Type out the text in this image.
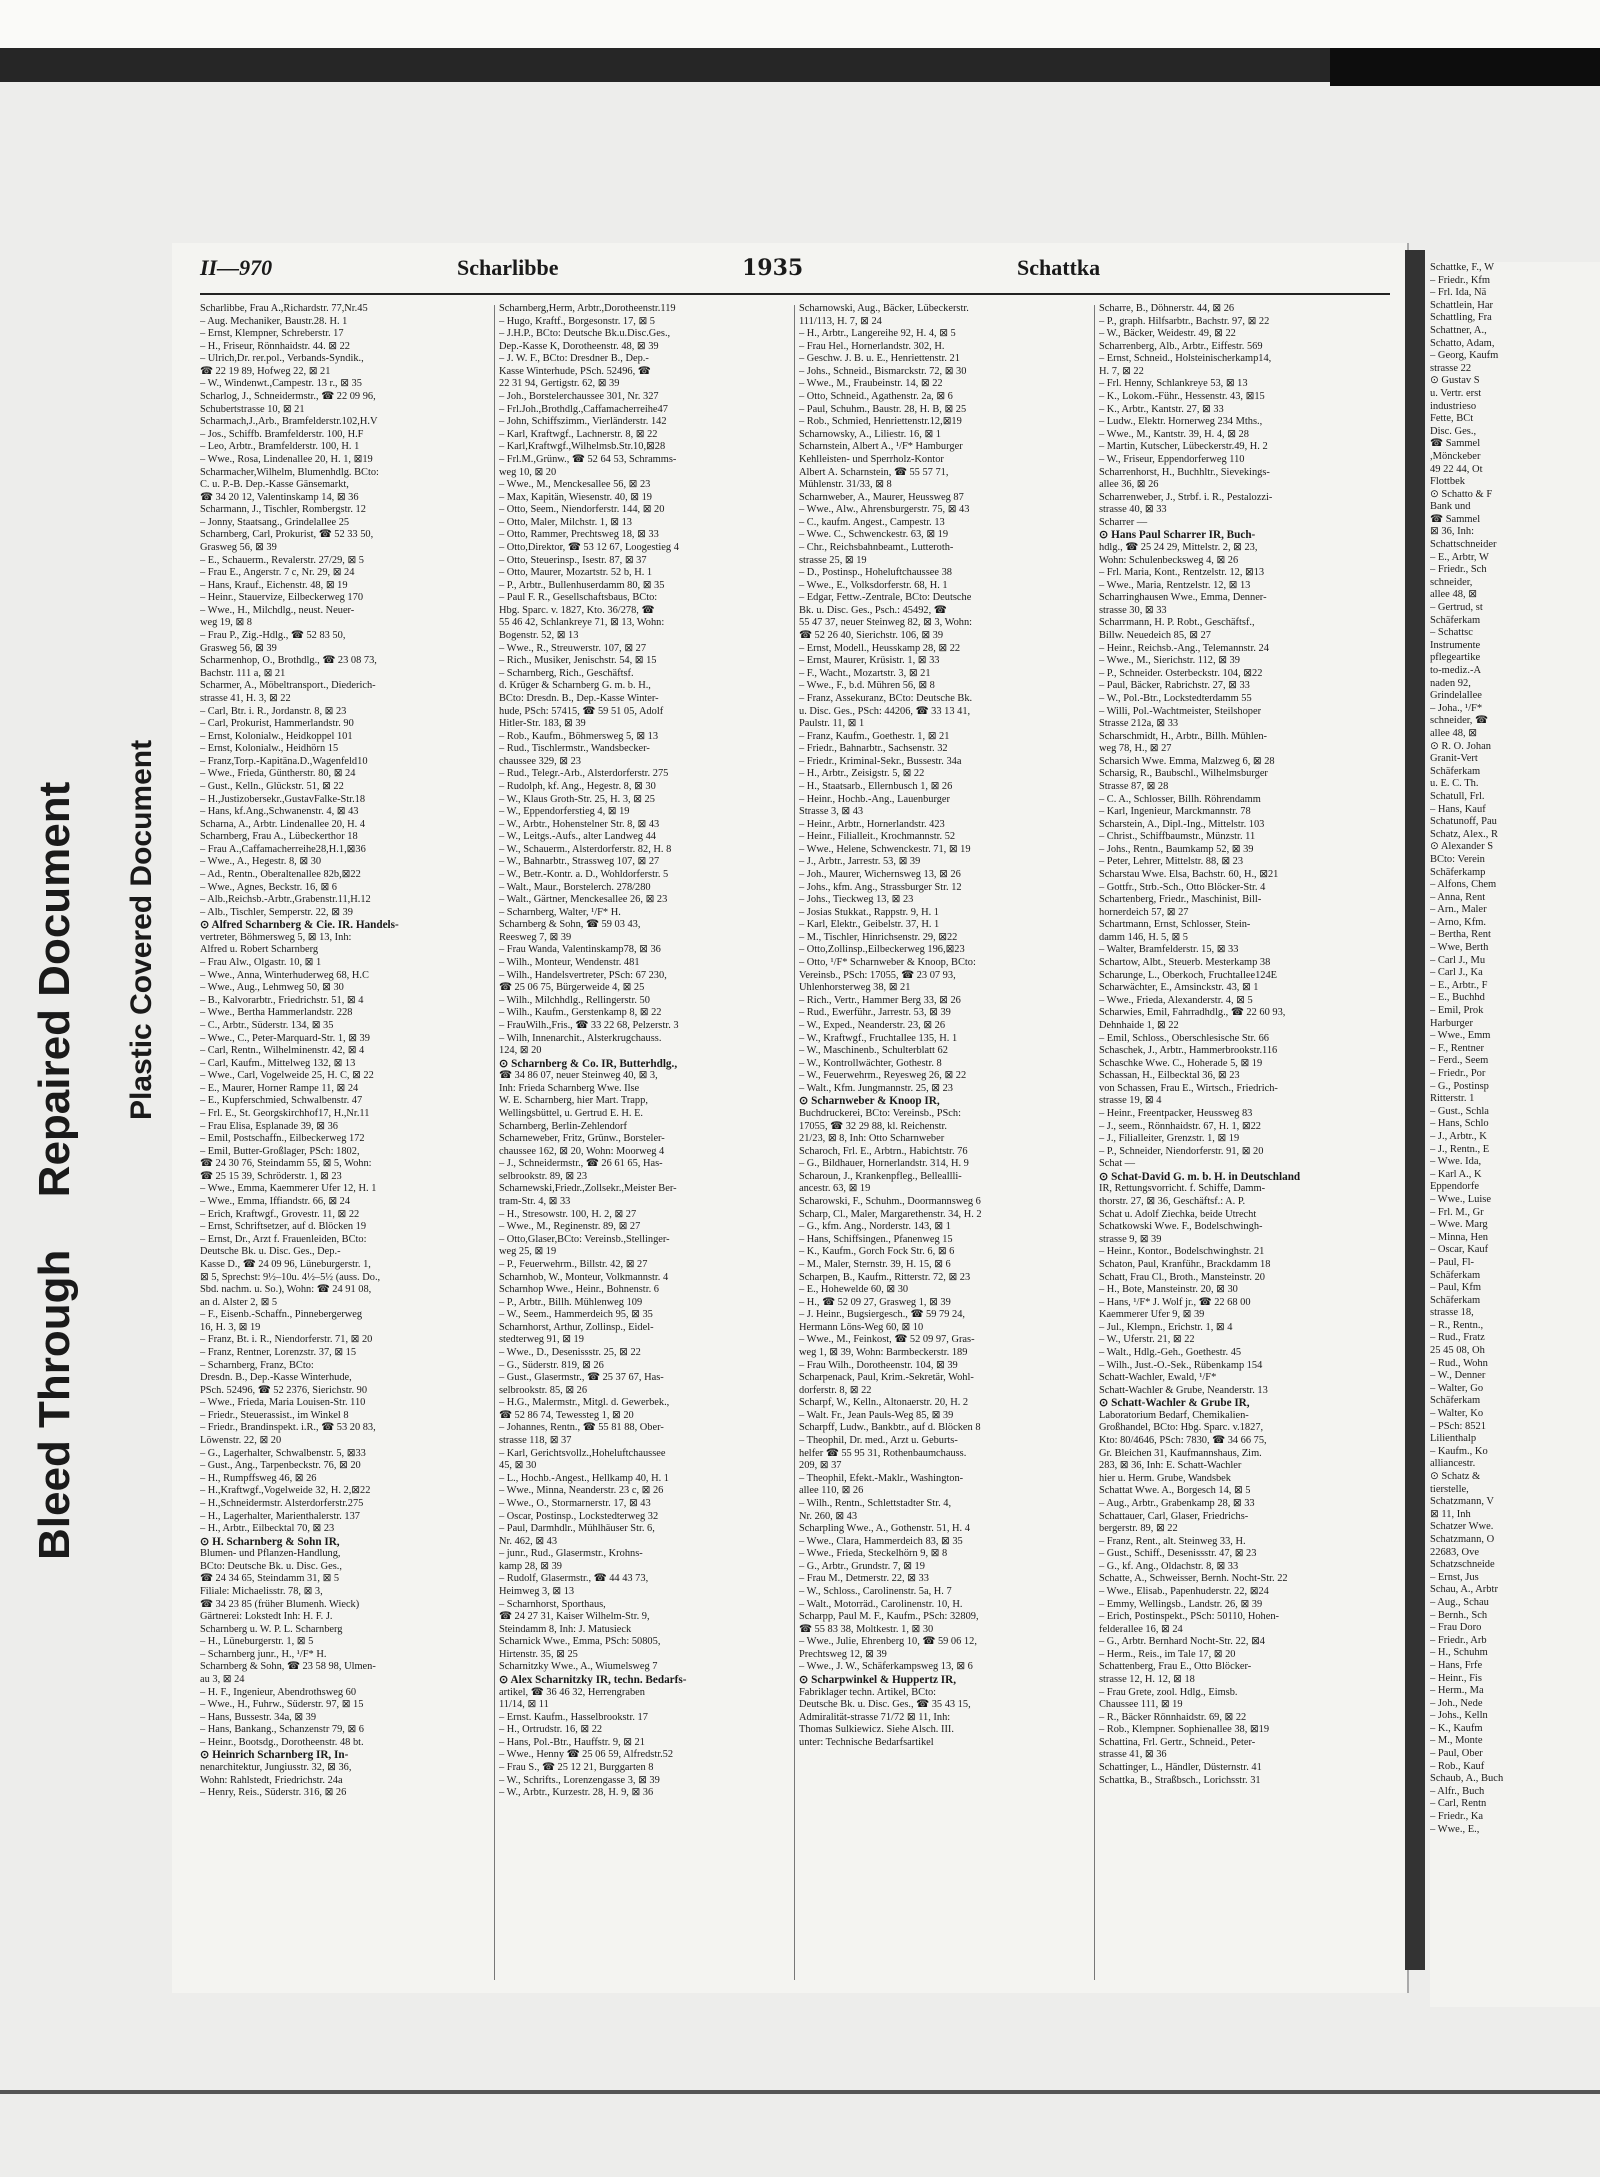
Bleed Through Repaired Document Plastic Covered Document
II—970	Scharlibbe	1935	Schattka
Scharlibbe, Frau A.,Richardstr. 77,Nr.45
– Aug. Mechaniker, Baustr.28. H. 1
– Ernst, Klempner, Schreberstr. 17
– H., Friseur, Rönnhaidstr. 44. ⊠ 22
– Ulrich,Dr. rer.pol., Verbands-Syndik.,
☎ 22 19 89, Hofweg 22, ⊠ 21
– W., Windenwt.,Campestr. 13 r., ⊠ 35
Scharlog, J., Schneidermstr., ☎ 22 09 96,
Schubertstrasse 10, ⊠ 21
Scharmach,J.,Arb., Bramfelderstr.102,H.V
– Jos., Schiffb. Bramfelderstr. 100, H.F
– Leo, Arbtr., Bramfelderstr. 100, H. 1
– Wwe., Rosa, Lindenallee 20, H. 1, ⊠19
Scharmacher,Wilhelm, Blumenhdlg. BCto:
C. u. P.-B. Dep.-Kasse Gänsemarkt,
☎ 34 20 12, Valentinskamp 14, ⊠ 36
Scharmann, J., Tischler, Rombergstr. 12
– Jonny, Staatsang., Grindelallee 25
Scharnberg, Carl, Prokurist, ☎ 52 33 50,
Grasweg 56, ⊠ 39
– E., Schauerm., Revalerstr. 27/29, ⊠ 5
– Frau E., Angerstr. 7 c, Nr. 29, ⊠ 24
– Hans, Krauf., Eichenstr. 48, ⊠ 19
– Heinr., Stauervize, Eilbeckerweg 170
– Wwe., H., Milchdlg., neust. Neuer-
weg 19, ⊠ 8
– Frau P., Zig.-Hdlg., ☎ 52 83 50,
Grasweg 56, ⊠ 39
Scharmenhop, O., Brothdlg., ☎ 23 08 73,
Bachstr. 111 a, ⊠ 21
Scharmer, A., Möbeltransport., Diederich-
strasse 41, H. 3, ⊠ 22
– Carl, Btr. i. R., Jordanstr. 8, ⊠ 23
– Carl, Prokurist, Hammerlandstr. 90
– Ernst, Kolonialw., Heidkoppel 101
– Ernst, Kolonialw., Heidhörn 15
– Franz,Torp.-Kapitäna.D.,Wagenfeld10
– Wwe., Frieda, Güntherstr. 80, ⊠ 24
– Gust., Kelln., Glückstr. 51, ⊠ 22
– H.,Justizobersekr.,GustavFalke-Str.18
– Hans, kf.Ang.,Schwanenstr. 4, ⊠ 43
Scharna, A., Arbtr. Lindenallee 20, H. 4
Scharnberg, Frau A., Lübeckerthor 18
– Frau A.,Caffamacherreihe28,H.1,⊠36
– Wwe., A., Hegestr. 8, ⊠ 30
– Ad., Rentn., Oberaltenallee 82b,⊠22
– Wwe., Agnes, Beckstr. 16, ⊠ 6
– Alb.,Reichsb.-Arbtr.,Grabenstr.11,H.12
– Alb., Tischler, Semperstr. 22, ⊠ 39
⊙ Alfred Scharnberg & Cie. IR. Handels-
vertreter, Böhmersweg 5, ⊠ 13, Inh:
Alfred u. Robert Scharnberg
– Frau Alw., Olgastr. 10, ⊠ 1
– Wwe., Anna, Winterhuderweg 68, H.C
– Wwe., Aug., Lehmweg 50, ⊠ 30
– B., Kalvorarbtr., Friedrichstr. 51, ⊠ 4
– Wwe., Bertha Hammerlandstr. 228
– C., Arbtr., Süderstr. 134, ⊠ 35
– Wwe., C., Peter-Marquard-Str. 1, ⊠ 39
– Carl, Rentn., Wilhelminenstr. 42, ⊠ 4
– Carl, Kaufm., Mittelweg 132, ⊠ 13
– Wwe., Carl, Vogelweide 25, H. C, ⊠ 22
– E., Maurer, Horner Rampe 11, ⊠ 24
– E., Kupferschmied, Schwalbenstr. 47
– Frl. E., St. Georgskirchhof17, H.,Nr.11
– Frau Elisa, Esplanade 39, ⊠ 36
– Emil, Postschaffn., Eilbeckerweg 172
– Emil, Butter-Großlager, PSch: 1802,
☎ 24 30 76, Steindamm 55, ⊠ 5, Wohn:
☎ 25 15 39, Schröderstr. 1, ⊠ 23
– Wwe., Emma, Kaemmerer Ufer 12, H. 1
– Wwe., Emma, Iffiandstr. 66, ⊠ 24
– Erich, Kraftwgf., Grovestr. 11, ⊠ 22
– Ernst, Schriftsetzer, auf d. Blöcken 19
– Ernst, Dr., Arzt f. Frauenleiden, BCto:
Deutsche Bk. u. Disc. Ges., Dep.-
Kasse D., ☎ 24 09 96, Lüneburgerstr. 1,
⊠ 5, Sprechst: 9½–10u. 4½–5½ (auss. Do.,
Sbd. nachm. u. So.), Wohn: ☎ 24 91 08,
an d. Alster 2, ⊠ 5
– F., Eisenb.-Schaffn., Pinnebergerweg
16, H. 3, ⊠ 19
– Franz, Bt. i. R., Niendorferstr. 71, ⊠ 20
– Franz, Rentner, Lorenzstr. 37, ⊠ 15
– Scharnberg, Franz, BCto:
Dresdn. B., Dep.-Kasse Winterhude,
PSch. 52496, ☎ 52 2376, Sierichstr. 90
– Wwe., Frieda, Maria Louisen-Str. 110
– Friedr., Steuerassist., im Winkel 8
– Friedr., Brandinspekt. i.R., ☎ 53 20 83,
Löwenstr. 22, ⊠ 20
– G., Lagerhalter, Schwalbenstr. 5, ⊠33
– Gust., Ang., Tarpenbeckstr. 76, ⊠ 20
– H., Rumpffsweg 46, ⊠ 26
– H.,Kraftwgf.,Vogelweide 32, H. 2,⊠22
– H.,Schneidermstr. Alsterdorferstr.275
– H., Lagerhalter, Marienthalerstr. 137
– H., Arbtr., Eilbecktal 70, ⊠ 23
⊙ H. Scharnberg & Sohn IR,
Blumen- und Pflanzen-Handlung,
BCto: Deutsche Bk. u. Disc. Ges.,
☎ 24 34 65, Steindamm 31, ⊠ 5
Filiale: Michaelisstr. 78, ⊠ 3,
☎ 34 23 85 (früher Blumenh. Wieck)
Gärtnerei: Lokstedt Inh: H. F. J.
Scharnberg u. W. P. L. Scharnberg
– H., Lüneburgerstr. 1, ⊠ 5
– Scharnberg junr., H., ¹/F* H.
Scharnberg & Sohn, ☎ 23 58 98, Ulmen-
au 3, ⊠ 24
– H. F., Ingenieur, Abendrothsweg 60
– Wwe., H., Fuhrw., Süderstr. 97, ⊠ 15
– Hans, Bussestr. 34a, ⊠ 39
– Hans, Bankang., Schanzenstr 79, ⊠ 6
– Heinr., Bootsdg., Dorotheenstr. 48 bt.
⊙ Heinrich Scharnberg IR, In-
nenarchitektur, Jungiusstr. 32, ⊠ 36,
Wohn: Rahlstedt, Friedrichstr. 24a
– Henry, Reis., Süderstr. 316, ⊠ 26
Scharnberg,Herm, Arbtr.,Dorotheenstr.119
– Hugo, Kraftf., Borgesonstr. 17, ⊠ 5
– J.H.P., BCto: Deutsche Bk.u.Disc.Ges.,
Dep.-Kasse K, Dorotheenstr. 48, ⊠ 39
– J. W. F., BCto: Dresdner B., Dep.-
Kasse Winterhude, PSch. 52496, ☎
22 31 94, Gertigstr. 62, ⊠ 39
– Joh., Borstelerchaussee 301, Nr. 327
– Frl.Joh.,Brothdlg.,Caffamacherreihe47
– John, Schiffszimm., Vierländerstr. 142
– Karl, Kraftwgf., Lachnerstr. 8, ⊠ 22
– Karl,Kraftwgf.,Wilhelmsb.Str.10,⊠28
– Frl.M.,Grünw., ☎ 52 64 53, Schramms-
weg 10, ⊠ 20
– Wwe., M., Menckesallee 56, ⊠ 23
– Max, Kapitän, Wiesenstr. 40, ⊠ 19
– Otto, Seem., Niendorferstr. 144, ⊠ 20
– Otto, Maler, Milchstr. 1, ⊠ 13
– Otto, Rammer, Prechtsweg 18, ⊠ 33
– Otto,Direktor, ☎ 53 12 67, Loogestieg 4
– Otto, Steuerinsp., Isestr. 87, ⊠ 37
– Otto, Maurer, Mozartstr. 52 b, H. 1
– P., Arbtr., Bullenhuserdamm 80, ⊠ 35
– Paul F. R., Gesellschaftsbaus, BCto:
Hbg. Sparc. v. 1827, Kto. 36/278, ☎
55 46 42, Schlankreye 71, ⊠ 13, Wohn:
Bogenstr. 52, ⊠ 13
– Wwe., R., Streuwerstr. 107, ⊠ 27
– Rich., Musiker, Jenischstr. 54, ⊠ 15
– Scharnberg, Rich., Geschäftsf.
d. Krüger & Scharnberg G. m. b. H.,
BCto: Dresdn. B., Dep.-Kasse Winter-
hude, PSch: 57415, ☎ 59 51 05, Adolf
Hitler-Str. 183, ⊠ 39
– Rob., Kaufm., Böhmersweg 5, ⊠ 13
– Rud., Tischlermstr., Wandsbecker-
chaussee 329, ⊠ 23
– Rud., Telegr.-Arb., Alsterdorferstr. 275
– Rudolph, kf. Ang., Hegestr. 8, ⊠ 30
– W., Klaus Groth-Str. 25, H. 3, ⊠ 25
– W., Eppendorferstieg 4, ⊠ 19
– W., Arbtr., Hohenstelner Str. 8, ⊠ 43
– W., Leitgs.-Aufs., alter Landweg 44
– W., Schauerm., Alsterdorferstr. 82, H. 8
– W., Bahnarbtr., Strassweg 107, ⊠ 27
– W., Betr.-Kontr. a. D., Wohldorferstr. 5
– Walt., Maur., Borstelerch. 278/280
– Walt., Gärtner, Menckesallee 26, ⊠ 23
– Scharnberg, Walter, ¹/F* H.
Scharnberg & Sohn, ☎ 59 03 43,
Reesweg 7, ⊠ 39
– Frau Wanda, Valentinskamp78, ⊠ 36
– Wilh., Monteur, Wendenstr. 481
– Wilh., Handelsvertreter, PSch: 67 230,
☎ 25 06 75, Bürgerweide 4, ⊠ 25
– Wilh., Milchhdlg., Rellingerstr. 50
– Wilh., Kaufm., Gerstenkamp 8, ⊠ 22
– FrauWilh.,Fris., ☎ 33 22 68, Pelzerstr. 3
– Wilh, Innenarchit., Alsterkrugchauss.
124, ⊠ 20
⊙ Scharnberg & Co. IR, Butterhdlg.,
☎ 34 86 07, neuer Steinweg 40, ⊠ 3,
Inh: Frieda Scharnberg Wwe. Ilse
W. E. Scharnberg, hier Mart. Trapp,
Wellingsbüttel, u. Gertrud E. H. E.
Scharnberg, Berlin-Zehlendorf
Scharneweber, Fritz, Grünw., Borsteler-
chaussee 162, ⊠ 20, Wohn: Moorweg 4
– J., Schneidermstr., ☎ 26 61 65, Has-
selbrookstr. 89, ⊠ 23
Scharnewski,Friedr.,Zollsekr.,Meister Ber-
tram-Str. 4, ⊠ 33
– H., Stresowstr. 100, H. 2, ⊠ 27
– Wwe., M., Reginenstr. 89, ⊠ 27
– Otto,Glaser,BCto: Vereinsb.,Stellinger-
weg 25, ⊠ 19
– P., Feuerwehrm., Billstr. 42, ⊠ 27
Scharnhob, W., Monteur, Volkmannstr. 4
Scharnhop Wwe., Heinr., Bohnenstr. 6
– P., Arbtr., Billh. Mühlenweg 109
– W., Seem., Hammerdeich 95, ⊠ 35
Scharnhorst, Arthur, Zollinsp., Eidel-
stedterweg 91, ⊠ 19
– Wwe., D., Desenissstr. 25, ⊠ 22
– G., Süderstr. 819, ⊠ 26
– Gust., Glasermstr., ☎ 25 37 67, Has-
selbrookstr. 85, ⊠ 26
– H.G., Malermstr., Mitgl. d. Gewerbek.,
☎ 52 86 74, Tewessteg 1, ⊠ 20
– Johannes, Rentn., ☎ 55 81 88, Ober-
strasse 118, ⊠ 37
– Karl, Gerichtsvollz.,Hoheluftchaussee
45, ⊠ 30
– L., Hochb.-Angest., Hellkamp 40, H. 1
– Wwe., Minna, Neanderstr. 23 c, ⊠ 26
– Wwe., O., Stormarnerstr. 17, ⊠ 43
– Oscar, Postinsp., Lockstedterweg 32
– Paul, Darmhdlr., Mühlhäuser Str. 6,
Nr. 462, ⊠ 43
– junr., Rud., Glasermstr., Krohns-
kamp 28, ⊠ 39
– Rudolf, Glasermstr., ☎ 44 43 73,
Heimweg 3, ⊠ 13
– Scharnhorst, Sporthaus,
☎ 24 27 31, Kaiser Wilhelm-Str. 9,
Steindamm 8, Inh: J. Matusieck
Scharnick Wwe., Emma, PSch: 50805,
Hirtenstr. 35, ⊠ 25
Scharnitzky Wwe., A., Wiumelsweg 7
⊙ Alex Scharnitzky IR, techn. Bedarfs-
artikel, ☎ 36 46 32, Herrengraben
11/14, ⊠ 11
– Ernst. Kaufm., Hasselbrookstr. 17
– H., Ortrudstr. 16, ⊠ 22
– Hans, Pol.-Btr., Hauffstr. 9, ⊠ 21
– Wwe., Henny ☎ 25 06 59, Alfredstr.52
– Frau S., ☎ 25 12 21, Burggarten 8
– W., Schrifts., Lorenzengasse 3, ⊠ 39
– W., Arbtr., Kurzestr. 28, H. 9, ⊠ 36
Scharnowski, Aug., Bäcker, Lübeckerstr.
111/113, H. 7, ⊠ 24
– H., Arbtr., Langereihe 92, H. 4, ⊠ 5
– Frau Hel., Hornerlandstr. 302, H.
– Geschw. J. B. u. E., Henriettenstr. 21
– Johs., Schneid., Bismarckstr. 72, ⊠ 30
– Wwe., M., Fraubeinstr. 14, ⊠ 22
– Otto, Schneid., Agathenstr. 2a, ⊠ 6
– Paul, Schuhm., Baustr. 28, H. B, ⊠ 25
– Rob., Schmied, Henriettenstr.12,⊠19
Scharnowsky, A., Liliestr. 16, ⊠ 1
Scharnstein, Albert A., ¹/F* Hamburger
Kehlleisten- und Sperrholz-Kontor
Albert A. Scharnstein, ☎ 55 57 71,
Mühlenstr. 31/33, ⊠ 8
Scharnweber, A., Maurer, Heussweg 87
– Wwe., Alw., Ahrensburgerstr. 75, ⊠ 43
– C., kaufm. Angest., Campestr. 13
– Wwe. C., Schwenckestr. 63, ⊠ 19
– Chr., Reichsbahnbeamt., Lutteroth-
strasse 25, ⊠ 19
– D., Postinsp., Hoheluftchaussee 38
– Wwe., E., Volksdorferstr. 68, H. 1
– Edgar, Fettw.-Zentrale, BCto: Deutsche
Bk. u. Disc. Ges., Psch.: 45492, ☎
55 47 37, neuer Steinweg 82, ⊠ 3, Wohn:
☎ 52 26 40, Sierichstr. 106, ⊠ 39
– Ernst, Modell., Heusskamp 28, ⊠ 22
– Ernst, Maurer, Krüsistr. 1, ⊠ 33
– F., Wacht., Mozartstr. 3, ⊠ 21
– Wwe., F., b.d. Mühren 56, ⊠ 8
– Franz, Assekuranz, BCto: Deutsche Bk.
u. Disc. Ges., PSch: 44206, ☎ 33 13 41,
Paulstr. 11, ⊠ 1
– Franz, Kaufm., Goethestr. 1, ⊠ 21
– Friedr., Bahnarbtr., Sachsenstr. 32
– Friedr., Kriminal-Sekr., Bussestr. 34a
– H., Arbtr., Zeisigstr. 5, ⊠ 22
– H., Staatsarb., Ellernbusch 1, ⊠ 26
– Heinr., Hochb.-Ang., Lauenburger
Strasse 3, ⊠ 43
– Heinr., Arbtr., Hornerlandstr. 423
– Heinr., Filialleit., Krochmannstr. 52
– Wwe., Helene, Schwenckestr. 71, ⊠ 19
– J., Arbtr., Jarrestr. 53, ⊠ 39
– Joh., Maurer, Wichernsweg 13, ⊠ 26
– Johs., kfm. Ang., Strassburger Str. 12
– Johs., Tieckweg 13, ⊠ 23
– Josias Stukkat., Rappstr. 9, H. 1
– Karl, Elektr., Geibelstr. 37, H. 1
– M., Tischler, Hinrichsenstr. 29, ⊠22
– Otto,Zollinsp.,Eilbeckerweg 196,⊠23
– Otto, ¹/F* Scharnweber & Knoop, BCto:
Vereinsb., PSch: 17055, ☎ 23 07 93,
Uhlenhorsterweg 38, ⊠ 21
– Rich., Vertr., Hammer Berg 33, ⊠ 26
– Rud., Ewerführ., Jarrestr. 53, ⊠ 39
– W., Exped., Neanderstr. 23, ⊠ 26
– W., Kraftwgf., Fruchtallee 135, H. 1
– W., Maschinenb., Schulterblatt 62
– W., Kontrollwächter, Gothestr. 8
– W., Feuerwehrm., Reyesweg 26, ⊠ 22
– Walt., Kfm. Jungmannstr. 25, ⊠ 23
⊙ Scharnweber & Knoop IR,
Buchdruckerei, BCto: Vereinsb., PSch:
17055, ☎ 32 29 88, kl. Reichenstr.
21/23, ⊠ 8, Inh: Otto Scharnweber
Scharoch, Frl. E., Arbtrn., Habichtstr. 76
– G., Bildhauer, Hornerlandstr. 314, H. 9
Scharoun, J., Krankenpfleg., Belleallli-
ancestr. 63, ⊠ 19
Scharowski, F., Schuhm., Doormannsweg 6
Scharp, Cl., Maler, Margarethenstr. 34, H. 2
– G., kfm. Ang., Norderstr. 143, ⊠ 1
– Hans, Schiffsingen., Pfanenweg 15
– K., Kaufm., Gorch Fock Str. 6, ⊠ 6
– M., Maler, Sternstr. 39, H. 15, ⊠ 6
Scharpen, B., Kaufm., Ritterstr. 72, ⊠ 23
– E., Hohewelde 60, ⊠ 30
– H., ☎ 52 09 27, Grasweg 1, ⊠ 39
– J. Heinr., Bugsiergesch., ☎ 59 79 24,
Hermann Löns-Weg 60, ⊠ 10
– Wwe., M., Feinkost, ☎ 52 09 97, Gras-
weg 1, ⊠ 39, Wohn: Barmbeckerstr. 189
– Frau Wilh., Dorotheenstr. 104, ⊠ 39
Scharpenack, Paul, Krim.-Sekretär, Wohl-
dorferstr. 8, ⊠ 22
Scharpf, W., Kelln., Altonaerstr. 20, H. 2
– Walt. Fr., Jean Pauls-Weg 85, ⊠ 39
Scharpff, Ludw., Bankbtr., auf d. Blöcken 8
– Theophil, Dr. med., Arzt u. Geburts-
helfer ☎ 55 95 31, Rothenbaumchauss.
209, ⊠ 37
– Theophil, Efekt.-Maklr., Washington-
allee 110, ⊠ 26
– Wilh., Rentn., Schlettstadter Str. 4,
Nr. 260, ⊠ 43
Scharpling Wwe., A., Gothenstr. 51, H. 4
– Wwe., Clara, Hammerdeich 83, ⊠ 35
– Wwe., Frieda, Steckelhörn 9, ⊠ 8
– G., Arbtr., Grundstr. 7, ⊠ 19
– Frau M., Detmerstr. 22, ⊠ 33
– W., Schloss., Carolinenstr. 5a, H. 7
– Walt., Motorräd., Carolinenstr. 10, H.
Scharpp, Paul M. F., Kaufm., PSch: 32809,
☎ 55 83 38, Moltkestr. 1, ⊠ 30
– Wwe., Julie, Ehrenberg 10, ☎ 59 06 12,
Prechtsweg 12, ⊠ 39
– Wwe., J. W., Schäferkampsweg 13, ⊠ 6
⊙ Scharpwinkel & Huppertz IR,
Fabriklager techn. Artikel, BCto:
Deutsche Bk. u. Disc. Ges., ☎ 35 43 15,
Admiralität-strasse 71/72 ⊠ 11, Inh:
Thomas Sulkiewicz. Siehe Alsch. III.
unter: Technische Bedarfsartikel
Scharre, B., Döhnerstr. 44, ⊠ 26
– P., graph. Hilfsarbtr., Bachstr. 97, ⊠ 22
– W., Bäcker, Weidestr. 49, ⊠ 22
Scharrenberg, Alb., Arbtr., Eiffestr. 569
– Ernst, Schneid., Holsteinischerkamp14,
H. 7, ⊠ 22
– Frl. Henny, Schlankreye 53, ⊠ 13
– K., Lokom.-Führ., Hessenstr. 43, ⊠15
– K., Arbtr., Kantstr. 27, ⊠ 33
– Ludw., Elektr. Hornerweg 234 Mths.,
– Wwe., M., Kantstr. 39, H. 4, ⊠ 28
– Martin, Kutscher, Lübeckerstr.49, H. 2
– W., Friseur, Eppendorferweg 110
Scharrenhorst, H., Buchhltr., Sievekings-
allee 36, ⊠ 26
Scharrenweber, J., Strbf. i. R., Pestalozzi-
strasse 40, ⊠ 33
Scharrer —
⊙ Hans Paul Scharrer IR, Buch-
hdlg., ☎ 25 24 29, Mittelstr. 2, ⊠ 23,
Wohn: Schulenbecksweg 4, ⊠ 26
– Frl. Maria, Kont., Rentzelstr. 12, ⊠13
– Wwe., Maria, Rentzelstr. 12, ⊠ 13
Scharringhausen Wwe., Emma, Denner-
strasse 30, ⊠ 33
Scharrmann, H. P. Robt., Geschäftsf.,
Billw. Neuedeich 85, ⊠ 27
– Heinr., Reichsb.-Ang., Telemannstr. 24
– Wwe., M., Sierichstr. 112, ⊠ 39
– P., Schneider. Osterbeckstr. 104, ⊠22
– Paul, Bäcker, Rabrichstr. 27, ⊠ 33
– W., Pol.-Btr., Lockstedterdamm 55
– Willi, Pol.-Wachtmeister, Steilshoper
Strasse 212a, ⊠ 33
Scharschmidt, H., Arbtr., Billh. Mühlen-
weg 78, H., ⊠ 27
Scharsich Wwe. Emma, Malzweg 6, ⊠ 28
Scharsig, R., Baubschl., Wilhelmsburger
Strasse 87, ⊠ 28
– C. A., Schlosser, Billh. Röhrendamm
– Karl, Ingenieur, Marckmannstr. 78
Scharstein, A., Dipl.-Ing., Mittelstr. 103
– Christ., Schiffbaumstr., Münzstr. 11
– Johs., Rentn., Baumkamp 52, ⊠ 39
– Peter, Lehrer, Mittelstr. 88, ⊠ 23
Scharstau Wwe. Elsa, Bachstr. 60, H., ⊠21
– Gottfr., Strb.-Sch., Otto Blöcker-Str. 4
Schartenberg, Friedr., Maschinist, Bill-
hornerdeich 57, ⊠ 27
Schartmann, Ernst, Schlosser, Stein-
damm 146, H. 5, ⊠ 5
– Walter, Bramfelderstr. 15, ⊠ 33
Schartow, Albt., Steuerb. Mesterkamp 38
Scharunge, L., Oberkoch, Fruchtallee124E
Scharwächter, E., Amsinckstr. 43, ⊠ 1
– Wwe., Frieda, Alexanderstr. 4, ⊠ 5
Scharwies, Emil, Fahrradhdlg., ☎ 22 60 93,
Dehnhaide 1, ⊠ 22
– Emil, Schloss., Oberschlesische Str. 66
Schaschek, J., Arbtr., Hammerbrookstr.116
Schaschke Wwe. C., Hoherade 5, ⊠ 19
Schassan, H., Eilbecktal 36, ⊠ 23
von Schassen, Frau E., Wirtsch., Friedrich-
strasse 19, ⊠ 4
– Heinr., Freentpacker, Heussweg 83
– J., seem., Rönnhaidstr. 67, H. 1, ⊠22
– J., Filialleiter, Grenzstr. 1, ⊠ 19
– P., Schneider, Niendorferstr. 91, ⊠ 20
Schat —
⊙ Schat-David G. m. b. H. in Deutschland
IR, Rettungsvorricht. f. Schiffe, Damm-
thorstr. 27, ⊠ 36, Geschäftsf.: A. P.
Schat u. Adolf Ziechka, beide Utrecht
Schatkowski Wwe. F., Bodelschwingh-
strasse 9, ⊠ 39
– Heinr., Kontor., Bodelschwinghstr. 21
Schaton, Paul, Kranführ., Brackdamm 18
Schatt, Frau Cl., Broth., Mansteinstr. 20
– H., Bote, Mansteinstr. 20, ⊠ 30
– Hans, ¹/F* J. Wolf jr., ☎ 22 68 00
Kaemmerer Ufer 9, ⊠ 39
– Jul., Klempn., Erichstr. 1, ⊠ 4
– W., Uferstr. 21, ⊠ 22
– Walt., Hdlg.-Geh., Goethestr. 45
– Wilh., Just.-O.-Sek., Rübenkamp 154
Schatt-Wachler, Ewald, ¹/F*
Schatt-Wachler & Grube, Neanderstr. 13
⊙ Schatt-Wachler & Grube IR,
Laboratorium Bedarf, Chemikalien-
Großhandel, BCto: Hbg. Sparc. v.1827,
Kto: 80/4646, PSch: 7830, ☎ 34 66 75,
Gr. Bleichen 31, Kaufmannshaus, Zim.
283, ⊠ 36, Inh: E. Schatt-Wachler
hier u. Herm. Grube, Wandsbek
Schattat Wwe. A., Borgesch 14, ⊠ 5
– Aug., Arbtr., Grabenkamp 28, ⊠ 33
Schattauer, Carl, Glaser, Friedrichs-
bergerstr. 89, ⊠ 22
– Franz, Rent., alt. Steinweg 33, H.
– Gust., Schiff., Desenissstr. 47, ⊠ 23
– G., kf. Ang., Oldachstr. 8, ⊠ 33
Schatte, A., Schweisser, Bernh. Nocht-Str. 22
– Wwe., Elisab., Papenhuderstr. 22, ⊠24
– Emmy, Wellingsb., Landstr. 26, ⊠ 39
– Erich, Postinspekt., PSch: 50110, Hohen-
felderallee 16, ⊠ 24
– G., Arbtr. Bernhard Nocht-Str. 22, ⊠4
– Herm., Reis., im Tale 17, ⊠ 20
Schattenberg, Frau E., Otto Blöcker-
strasse 12, H. 12, ⊠ 18
– Frau Grete, zool. Hdlg., Eimsb.
Chaussee 111, ⊠ 19
– R., Bäcker Rönnhaidstr. 69, ⊠ 22
– Rob., Klempner. Sophienallee 38, ⊠19
Schattina, Frl. Gertr., Schneid., Peter-
strasse 41, ⊠ 36
Schattinger, L., Händler, Düsternstr. 41
Schattka, B., Straßbsch., Lorichsstr. 31
Schattke, F., W
– Friedr., Kfm
– Frl. Ida, Nä
Schattlein, Har
Schattling, Fra
Schattner, A.,
Schatto, Adam,
– Georg, Kaufm
strasse 22
⊙ Gustav S
u. Vertr. erst
industrieso
Fette, BCt
Disc. Ges.,
☎ Sammel
,Mönckeber
49 22 44, Ot
Flottbek
⊙ Schatto & F
Bank und
☎ Sammel
⊠ 36, Inh:
Schattschneider
– E., Arbtr, W
– Friedr., Sch
schneider,
allee 48, ⊠
– Gertrud, st
Schäferkam
– Schattsc
Instrumente
pflegeartike
to-mediz.-A
naden 92,
Grindelallee
– Joha., ¹/F*
schneider, ☎
allee 48, ⊠
⊙ R. O. Johan
Granit-Vert
Schäferkam
u. E. C. Th.
Schatull, Frl.
– Hans, Kauf
Schatunoff, Pau
Schatz, Alex., R
⊙ Alexander S
BCto: Verein
Schäferkamp
– Alfons, Chem
– Anna, Rent
– Arn., Maler
– Arno, Kfm.
– Bertha, Rent
– Wwe, Berth
– Carl J., Mu
– Carl J., Ka
– E., Arbtr., F
– E., Buchhd
– Emil, Prok
Harburger
– Wwe., Emm
– F., Rentner
– Ferd., Seem
– Friedr., Por
– G., Postinsp
Ritterstr. 1
– Gust., Schla
– Hans, Schlo
– J., Arbtr., K
– J., Rentn., E
– Wwe. Ida,
– Karl A., K
Eppendorfe
– Wwe., Luise
– Frl. M., Gr
– Wwe. Marg
– Minna, Hen
– Oscar, Kauf
– Paul, Fl-
Schäferkam
– Paul, Kfm
Schäferkam
strasse 18,
– R., Rentn.,
– Rud., Fratz
25 45 08, Oh
– Rud., Wohn
– W., Denner
– Walter, Go
Schäferkam
– Walter, Ko
– PSch: 8521
Lilienthalp
– Kaufm., Ko
alliancestr.
⊙ Schatz &
tierstelle,
Schatzmann, V
⊠ 11, Inh
Schatzer Wwe.
Schatzmann, O
22683, Ove
Schatzschneide
– Ernst, Jus
Schau, A., Arbtr
– Aug., Schau
– Bernh., Sch
– Frau Doro
– Friedr., Arb
– H., Schuhm
– Hans, Frfe
– Heinr., Fis
– Herm., Ma
– Joh., Nede
– Johs., Kelln
– K., Kaufm
– M., Monte
– Paul, Ober
– Rob., Kauf
Schaub, A., Buch
– Alfr., Buch
– Carl, Rentn
– Friedr., Ka
– Wwe., E.,
